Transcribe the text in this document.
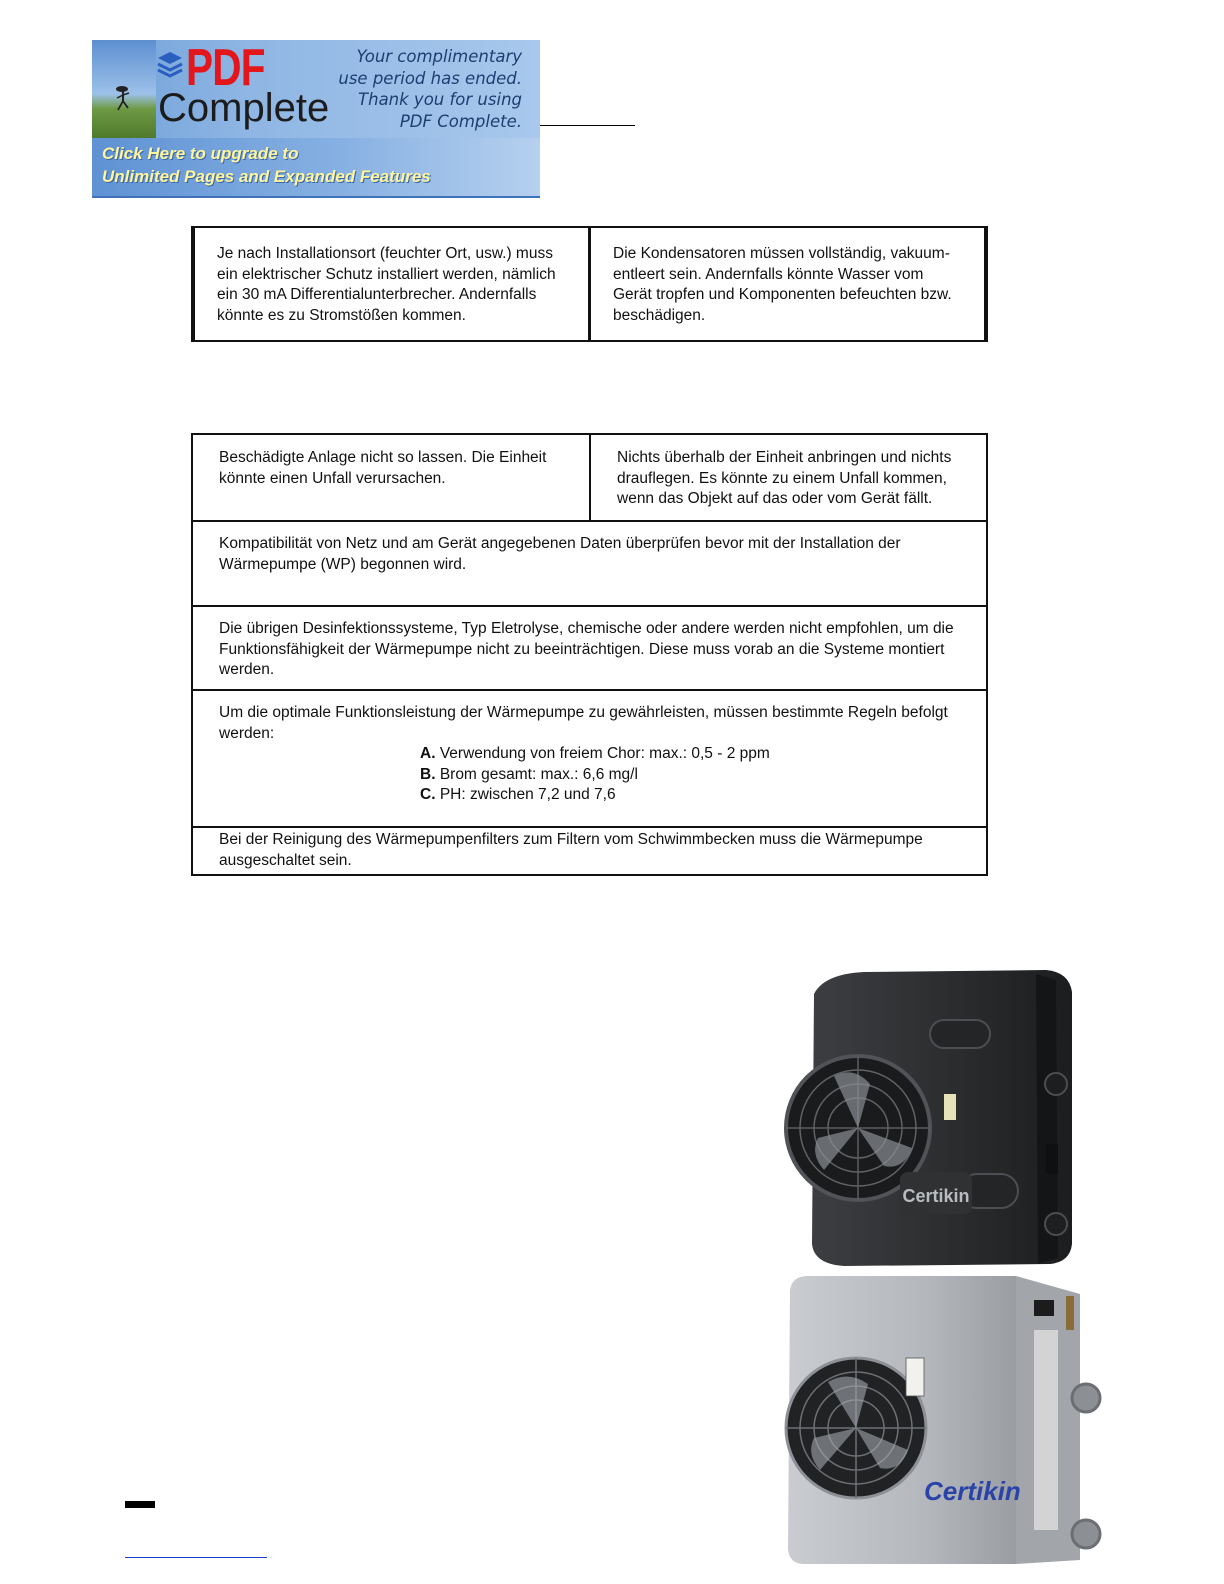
PDF
Complete
Your complimentary
use period has ended.
Thank you for using
PDF Complete.
Click Here to upgrade to
Unlimited Pages and Expanded Features
Je nach Installationsort (feuchter Ort, usw.) muss ein elektrischer Schutz installiert werden, nämlich ein 30 mA Differentialunterbrecher. Andernfalls könnte es zu Stromstößen kommen.
Die Kondensatoren müssen vollständig, vakuum-entleert sein. Andernfalls könnte Wasser vom Gerät tropfen und Komponenten befeuchten bzw. beschädigen.
Beschädigte Anlage nicht so lassen. Die Einheit könnte einen Unfall verursachen.
Nichts überhalb der Einheit anbringen und nichts drauflegen. Es könnte zu einem Unfall kommen, wenn das Objekt auf das oder vom Gerät fällt.
Kompatibilität von Netz und am Gerät angegebenen Daten überprüfen bevor mit der Installation der Wärmepumpe (WP) begonnen wird.
Die übrigen Desinfektionssysteme, Typ Eletrolyse, chemische oder andere werden nicht empfohlen, um die Funktionsfähigkeit der Wärmepumpe nicht zu beeinträchtigen. Diese muss vorab an die Systeme montiert werden.
Um die optimale Funktionsleistung der Wärmepumpe zu gewährleisten, müssen bestimmte Regeln befolgt werden:
A. Verwendung von freiem Chor: max.: 0,5 - 2 ppm
B. Brom gesamt: max.: 6,6 mg/l
C. PH: zwischen 7,2 und 7,6
Bei der Reinigung des Wärmepumpenfilters zum Filtern vom Schwimmbecken muss die Wärmepumpe ausgeschaltet sein.
Certikin
Certikin
